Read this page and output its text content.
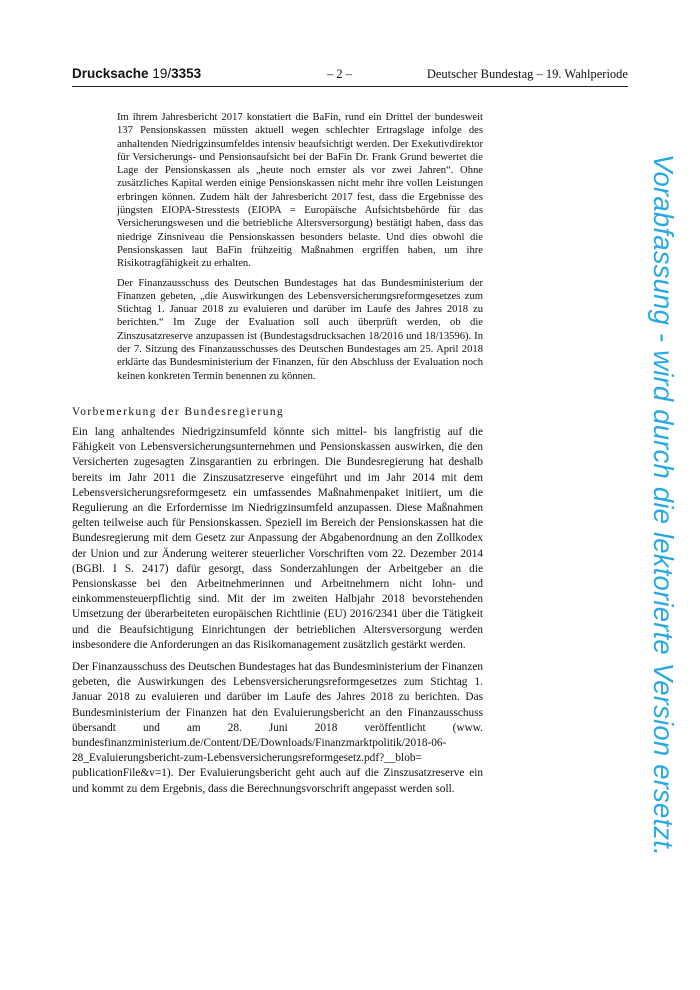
Drucksache 19/3353	– 2 –	Deutscher Bundestag – 19. Wahlperiode

Im ihrem Jahresbericht 2017 konstatiert die BaFin, rund ein Drittel der bundesweit 137 Pensionskassen müssten aktuell wegen schlechter Ertragslage infolge des anhaltenden Niedrigzinsumfeldes intensiv beaufsichtigt werden. Der Exekutivdirektor für Versicherungs- und Pensionsaufsicht bei der BaFin Dr. Frank Grund bewertet die Lage der Pensionskassen als „heute noch ernster als vor zwei Jahren“. Ohne zusätzliches Kapital werden einige Pensionskassen nicht mehr ihre vollen Leistungen erbringen können. Zudem hält der Jahresbericht 2017 fest, dass die Ergebnisse des jüngsten EIOPA-Stresstests (EIOPA = Europäische Aufsichtsbehörde für das Versicherungswesen und die betriebliche Altersversorgung) bestätigt haben, dass das niedrige Zinsniveau die Pensionskassen besonders belaste. Und dies obwohl die Pensionskassen laut BaFin frühzeitig Maßnahmen ergriffen haben, um ihre Risikotragfähigkeit zu erhalten.

Der Finanzausschuss des Deutschen Bundestages hat das Bundesministerium der Finanzen gebeten, „die Auswirkungen des Lebensversicherungsreformgesetzes zum Stichtag 1. Januar 2018 zu evaluieren und darüber im Laufe des Jahres 2018 zu berichten.“ Im Zuge der Evaluation soll auch überprüft werden, ob die Zinszusatzreserve anzupassen ist (Bundestagsdrucksachen 18/2016 und 18/13596). In der 7. Sitzung des Finanzausschusses des Deutschen Bundestages am 25. April 2018 erklärte das Bundesministerium der Finanzen, für den Abschluss der Evaluation noch keinen konkreten Termin benennen zu können.

Vorbemerkung der Bundesregierung

Ein lang anhaltendes Niedrigzinsumfeld könnte sich mittel- bis langfristig auf die Fähigkeit von Lebensversicherungsunternehmen und Pensionskassen auswirken, die den Versicherten zugesagten Zinsgarantien zu erbringen. Die Bundesregierung hat deshalb bereits im Jahr 2011 die Zinszusatzreserve eingeführt und im Jahr 2014 mit dem Lebensversicherungsreformgesetz ein umfassendes Maßnahmenpaket initiiert, um die Regulierung an die Erfordernisse im Niedrigzinsumfeld anzupassen. Diese Maßnahmen gelten teilweise auch für Pensionskassen. Speziell im Bereich der Pensionskassen hat die Bundesregierung mit dem Gesetz zur Anpassung der Abgabenordnung an den Zollkodex der Union und zur Änderung weiterer steuerlicher Vorschriften vom 22. Dezember 2014 (BGBl. I S. 2417) dafür gesorgt, dass Sonderzahlungen der Arbeitgeber an die Pensionskasse bei den Arbeitnehmerinnen und Arbeitnehmern nicht lohn- und einkommensteuerpflichtig sind. Mit der im zweiten Halbjahr 2018 bevorstehenden Umsetzung der überarbeiteten europäischen Richtlinie (EU) 2016/2341 über die Tätigkeit und die Beaufsichtigung Einrichtungen der betrieblichen Altersversorgung werden insbesondere die Anforderungen an das Risikomanagement zusätzlich gestärkt werden.

Der Finanzausschuss des Deutschen Bundestages hat das Bundesministerium der Finanzen gebeten, die Auswirkungen des Lebensversicherungsreformgesetzes zum Stichtag 1. Januar 2018 zu evaluieren und darüber im Laufe des Jahres 2018 zu berichten. Das Bundesministerium der Finanzen hat den Evaluierungsbericht an den Finanzausschuss übersandt und am 28. Juni 2018 veröffentlicht (www. bundesfinanzministerium.de/Content/DE/Downloads/Finanzmarktpolitik/2018-06-28_Evaluierungsbericht-zum-Lebensversicherungsreformgesetz.pdf?__blob= publicationFile&v=1). Der Evaluierungsbericht geht auch auf die Zinszusatzreserve ein und kommt zu dem Ergebnis, dass die Berechnungsvorschrift angepasst werden soll.	Vorabfassung - wird durch die lektorierte Version ersetzt.
